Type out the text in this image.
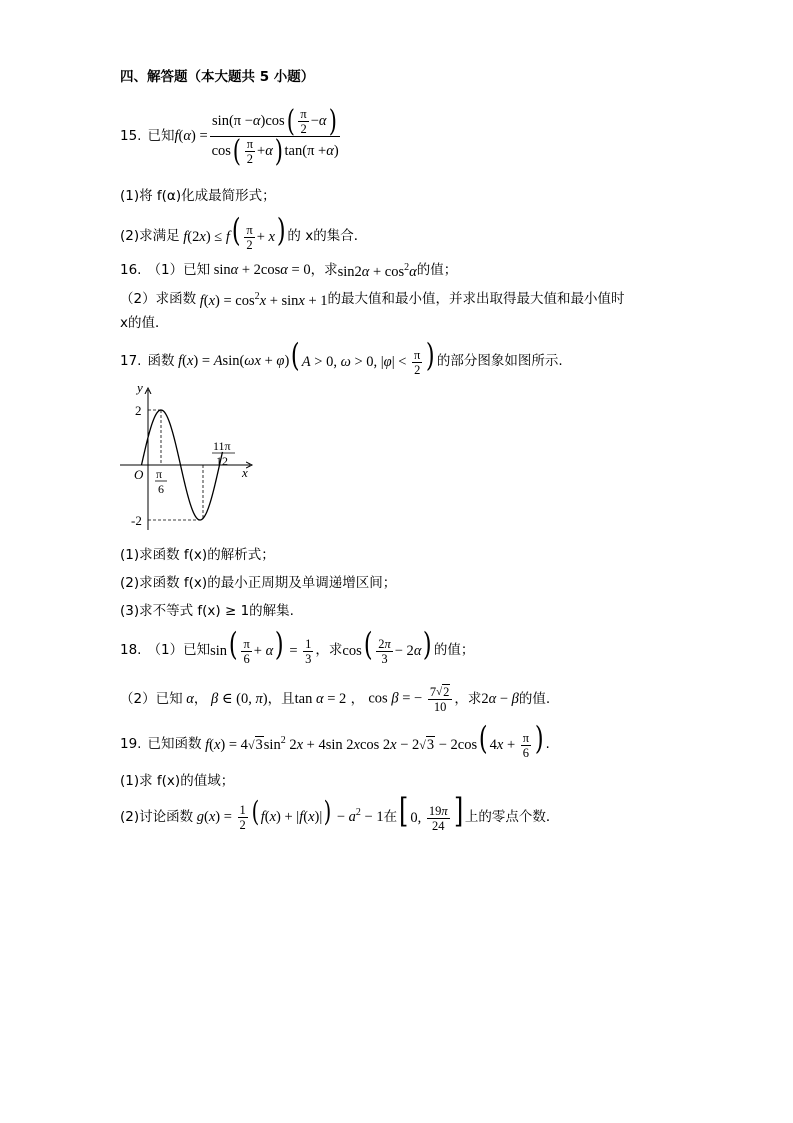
四、解答题（本大题共 5 小题）
15. 已知 $f(\alpha) = \frac{\sin(\pi - \alpha )\cos ( \frac{\pi}{2} - \alpha )}{\cos ( \frac{\pi}{2} + \alpha ) \tan(\pi + \alpha )}$
(1)将 f(α)化成最简形式；
(2)求满足 $f(2x) \le f( \frac{\pi}{2} + x)$ 的 x的集合．
16. （1）已知 sinα + 2cosα = 0 ，求 $\sin 2\alpha + \cos^2\alpha$ 的值；
（2）求函数 $f(x) = \cos^2x + \sin x + 1$ 的最大值和最小值，并求出取得最大值和最小值时
x的值．
17. 函数 f(x) = Asin(ωx + φ) ( A > 0, ω > 0, $|\varphi| < \frac{\pi}{2}$ ) 的部分图象如图所示.
y
x
O
2
-2
π
6
11π
12
(1)求函数 f(x)的解析式；
(2)求函数 f(x)的最小正周期及单调递增区间；
(3)求不等式 f(x) ≥ 1的解集.
18. （1）已知 $\sin( \frac{\pi}{6} + \alpha) = \frac{1}{3}$ ，求 $\cos( \frac{2 \pi}{3} - 2\alpha)$ 的值；
（2）已知 α ， β ∈ (0, π) ，且 tan α = 2 ， cos β = − $\frac{7 √ 2}{10}$ ，求 2α − β 的值.
19. 已知函数 $f(x) = 4√3\sin^2$ 2x + 4sin 2xcos 2x − 2√3 − 2cos( $4x + \frac{\pi}{6}$ ) .
(1)求 f(x)的值域；
(2)讨论函数 $g(x) = \frac{1}{2}$ ( $f(x) + |f(x)|) - a^2 - 1$ 在 [ 0, $\frac{19 \pi}{24}$ ] 上的零点个数．
